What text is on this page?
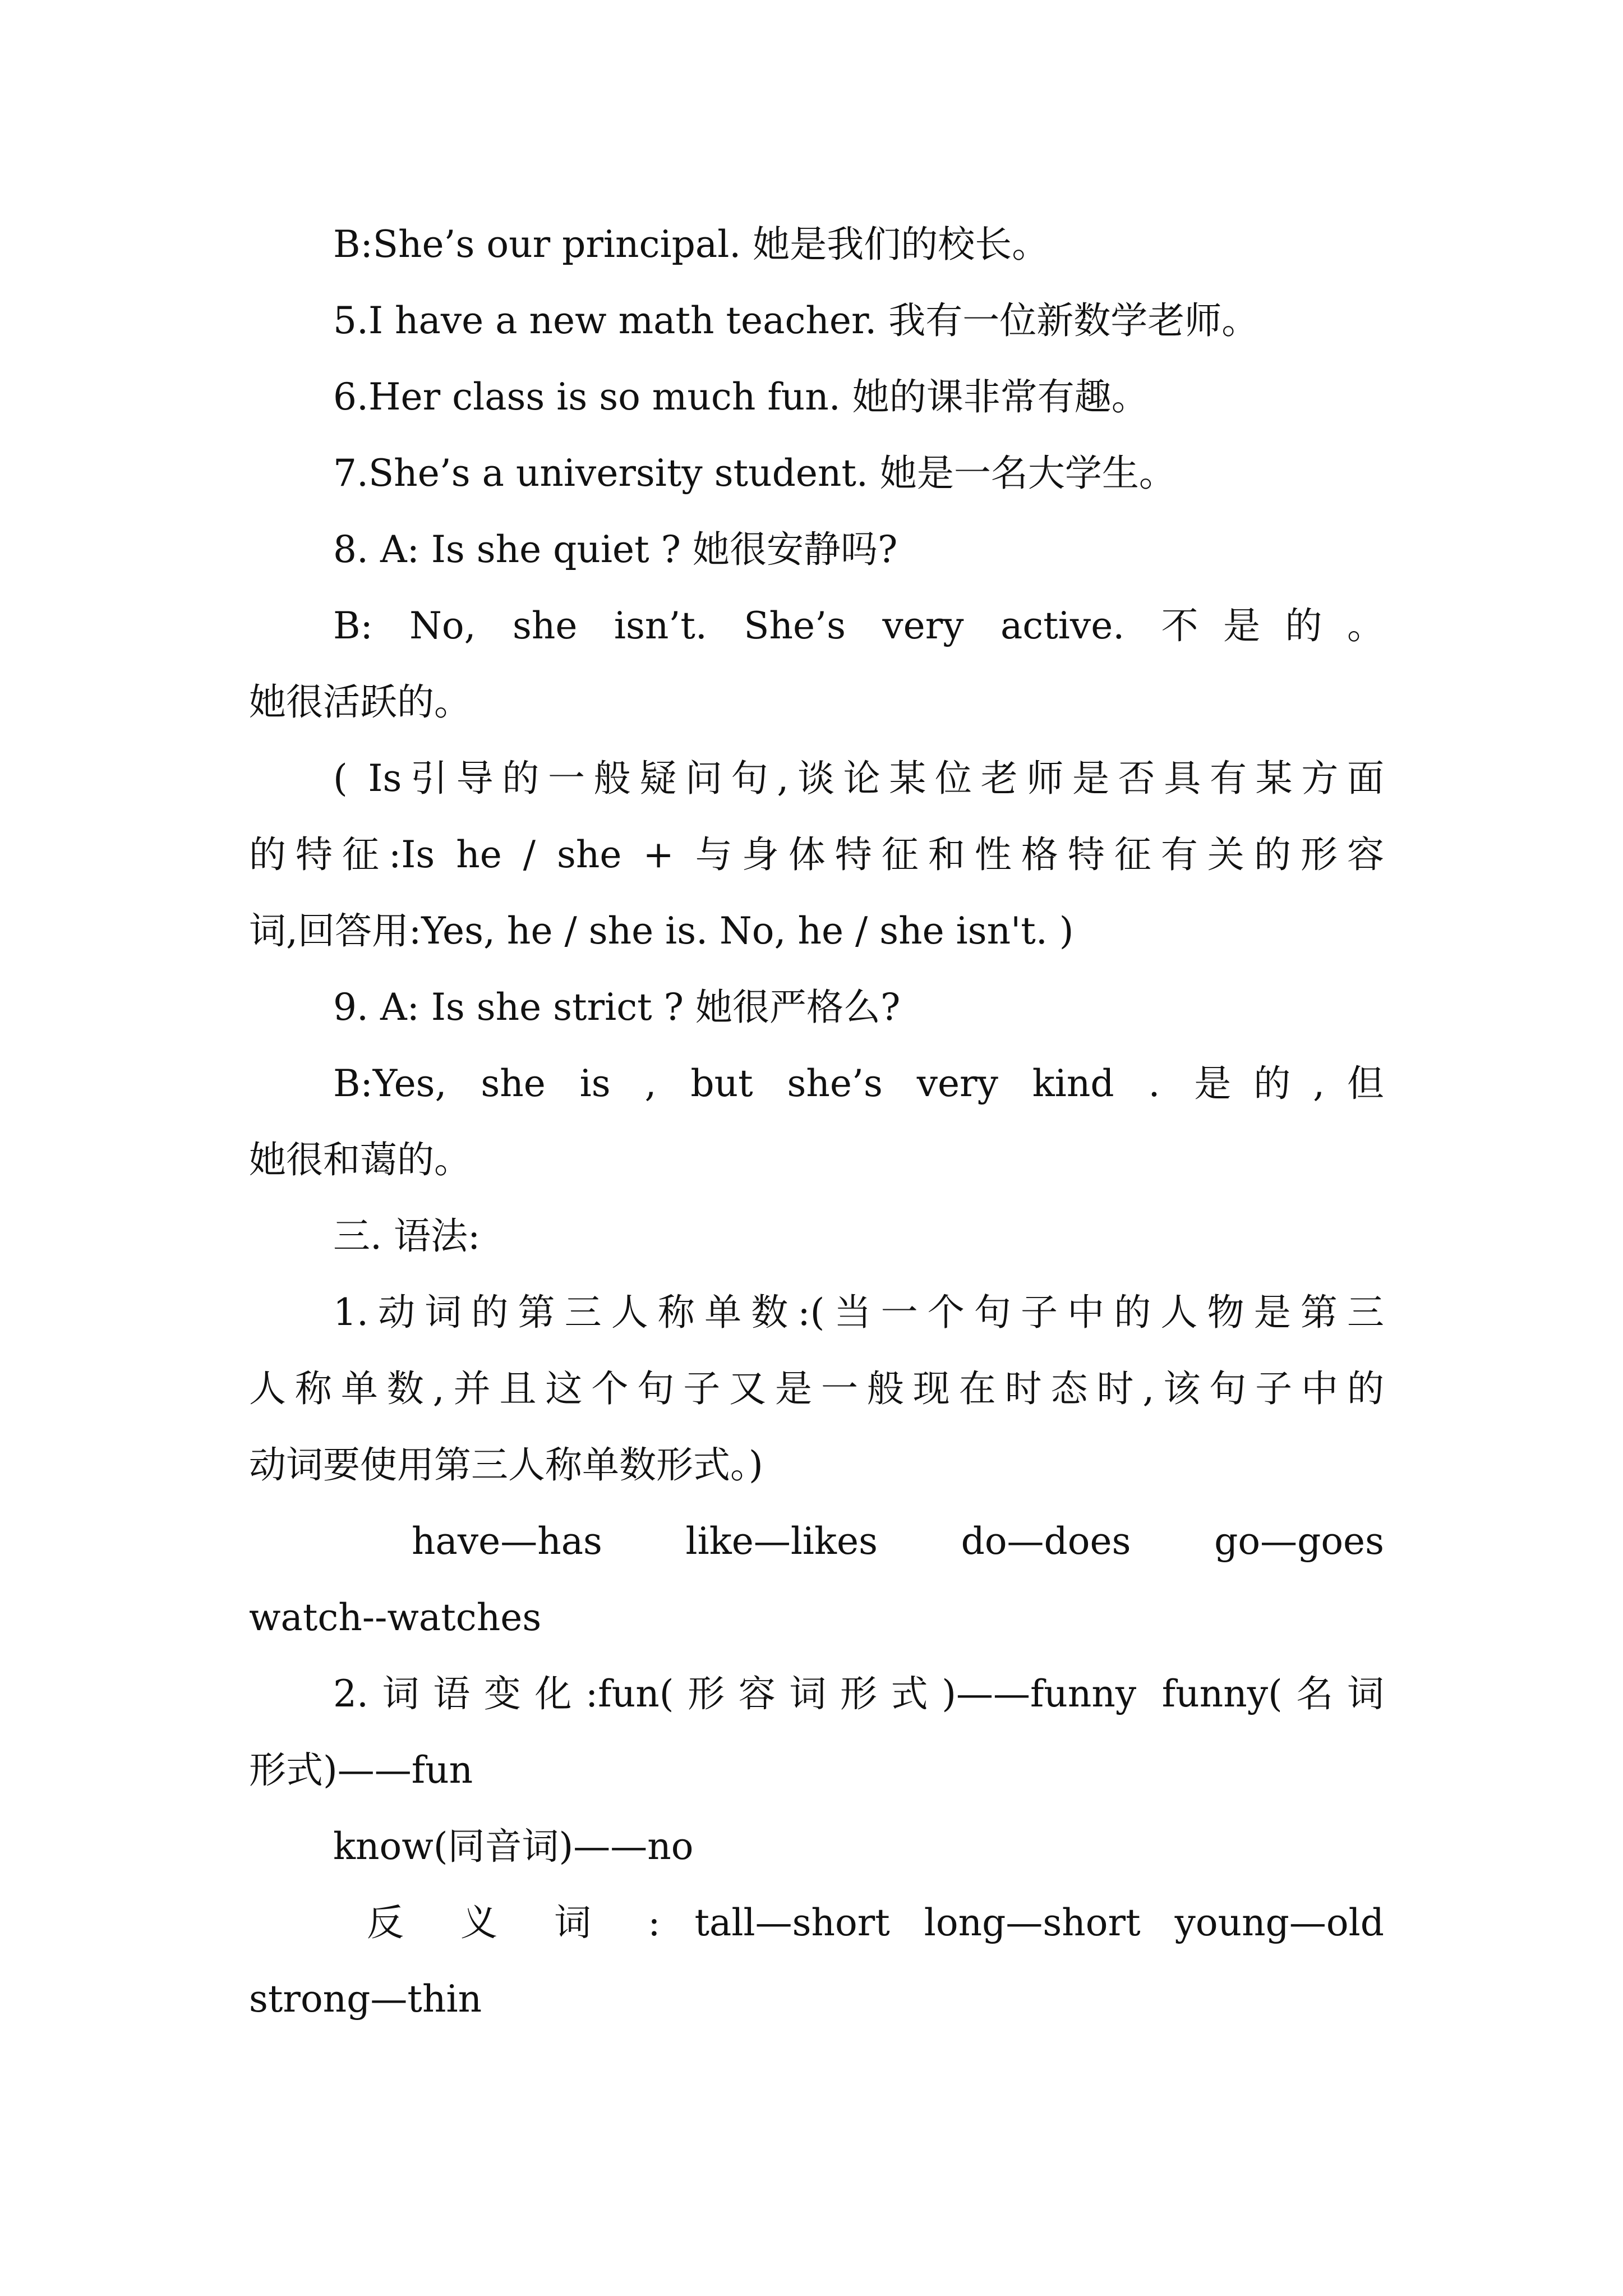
B:She’s our principal. 她是我们的校长。
5.I have a new math teacher. 我有一位新数学老师。
6.Her class is so much fun. 她的课非常有趣。
7.She’s a university student. 她是一名大学生。
8. A: Is she quiet ? 她很安静吗?
B: No, she isn’t. She’s very active. 不是的。
她很活跃的。
( Is引导的一般疑问句,谈论某位老师是否具有某方面
的特征:Is he / she + 与身体特征和性格特征有关的形容
词,回答用:Yes, he / she is. No, he / she isn't. )
9. A: Is she strict ? 她很严格么?
B:Yes, she is , but she’s very kind . 是的,但
她很和蔼的。
三. 语法:
1.动词的第三人称单数:(当一个句子中的人物是第三
人称单数,并且这个句子又是一般现在时态时,该句子中的
动词要使用第三人称单数形式。)
have—has like—likes do—does go—goes
watch--watches
2.词语变化:fun(形容词形式)——funny funny(名词
形式)——fun
know(同音词)——no
反 义 词 : tall—short long—short young—old
strong—thin
